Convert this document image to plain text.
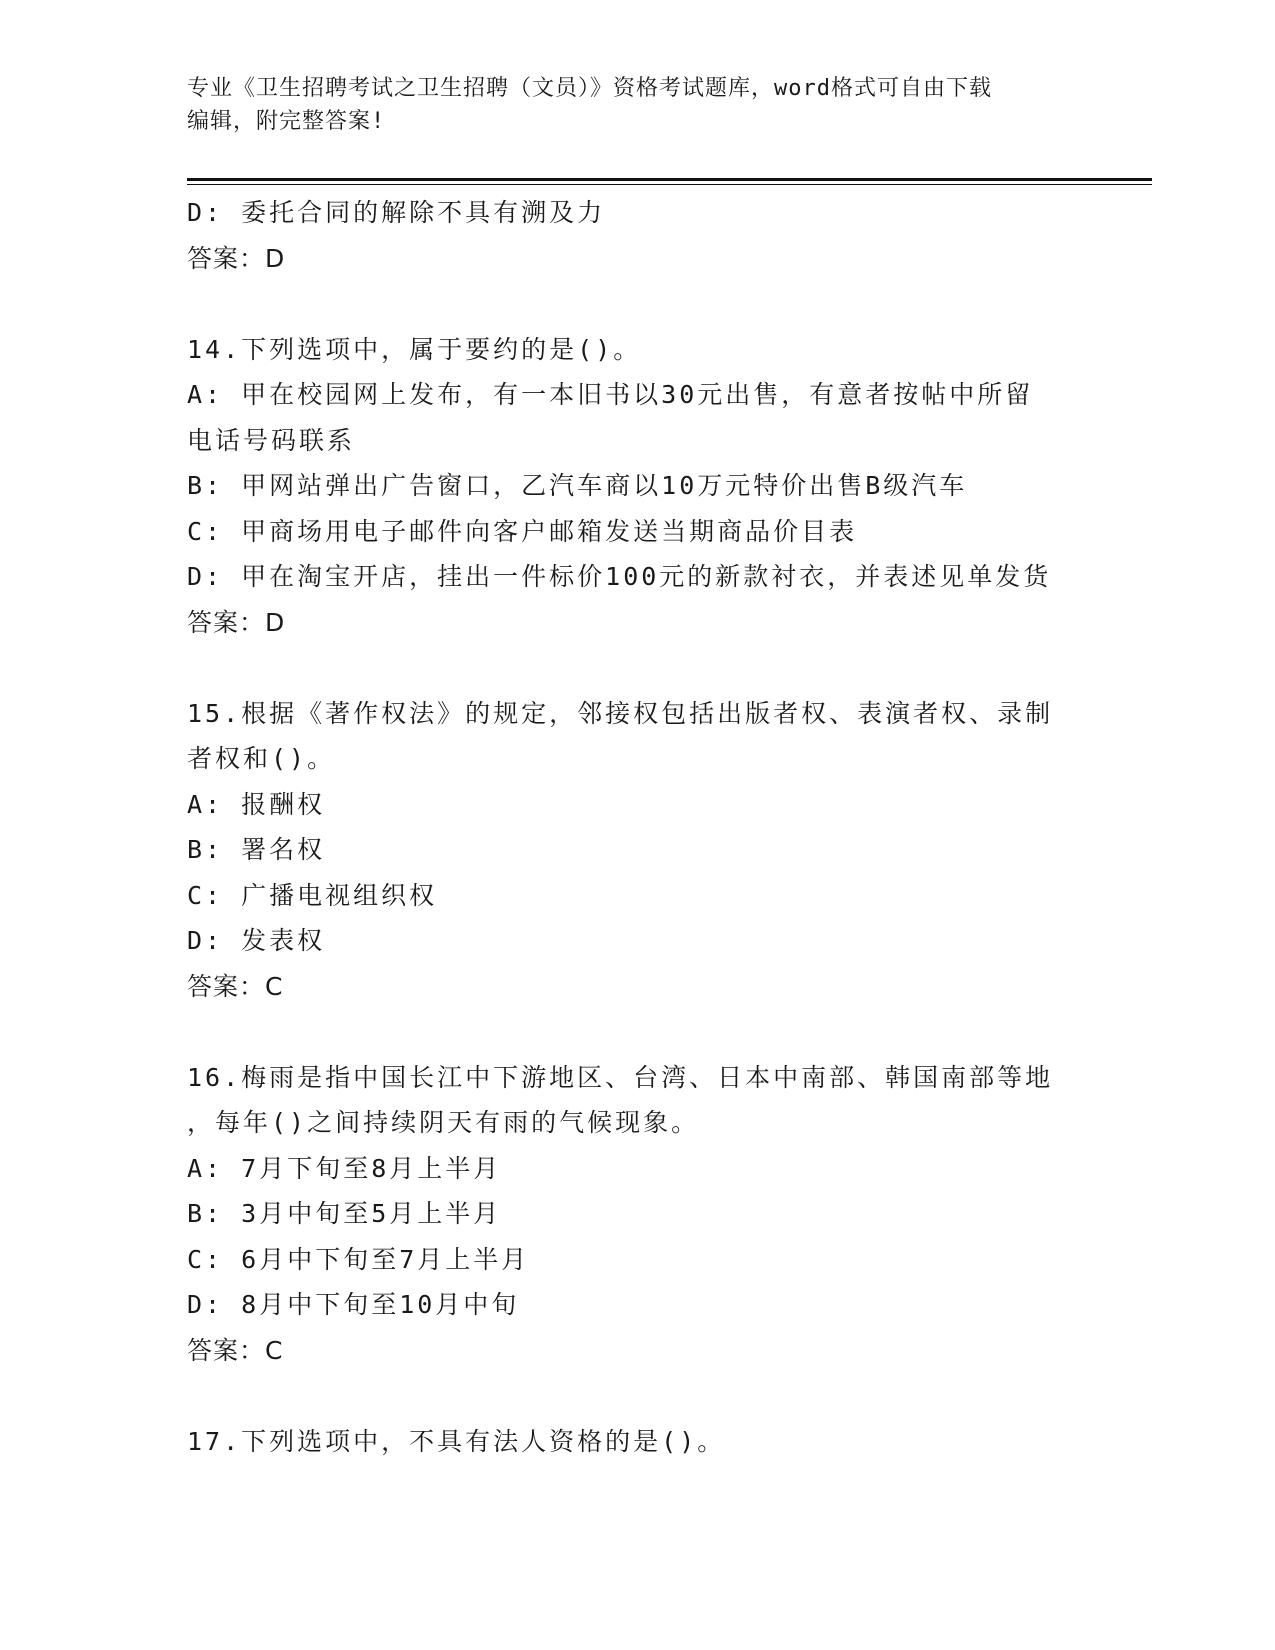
专业《卫生招聘考试之卫生招聘（文员）》资格考试题库，word格式可自由下载
编辑，附完整答案!
D: 委托合同的解除不具有溯及力
答案：D
14.下列选项中，属于要约的是()。
A: 甲在校园网上发布，有一本旧书以30元出售，有意者按帖中所留
电话号码联系
B: 甲网站弹出广告窗口，乙汽车商以10万元特价出售B级汽车
C: 甲商场用电子邮件向客户邮箱发送当期商品价目表
D: 甲在淘宝开店，挂出一件标价100元的新款衬衣，并表述见单发货
答案：D
15.根据《著作权法》的规定，邻接权包括出版者权、表演者权、录制
者权和()。
A: 报酬权
B: 署名权
C: 广播电视组织权
D: 发表权
答案：C
16.梅雨是指中国长江中下游地区、台湾、日本中南部、韩国南部等地
，每年()之间持续阴天有雨的气候现象。
A: 7月下旬至8月上半月
B: 3月中旬至5月上半月
C: 6月中下旬至7月上半月
D: 8月中下旬至10月中旬
答案：C
17.下列选项中，不具有法人资格的是()。
